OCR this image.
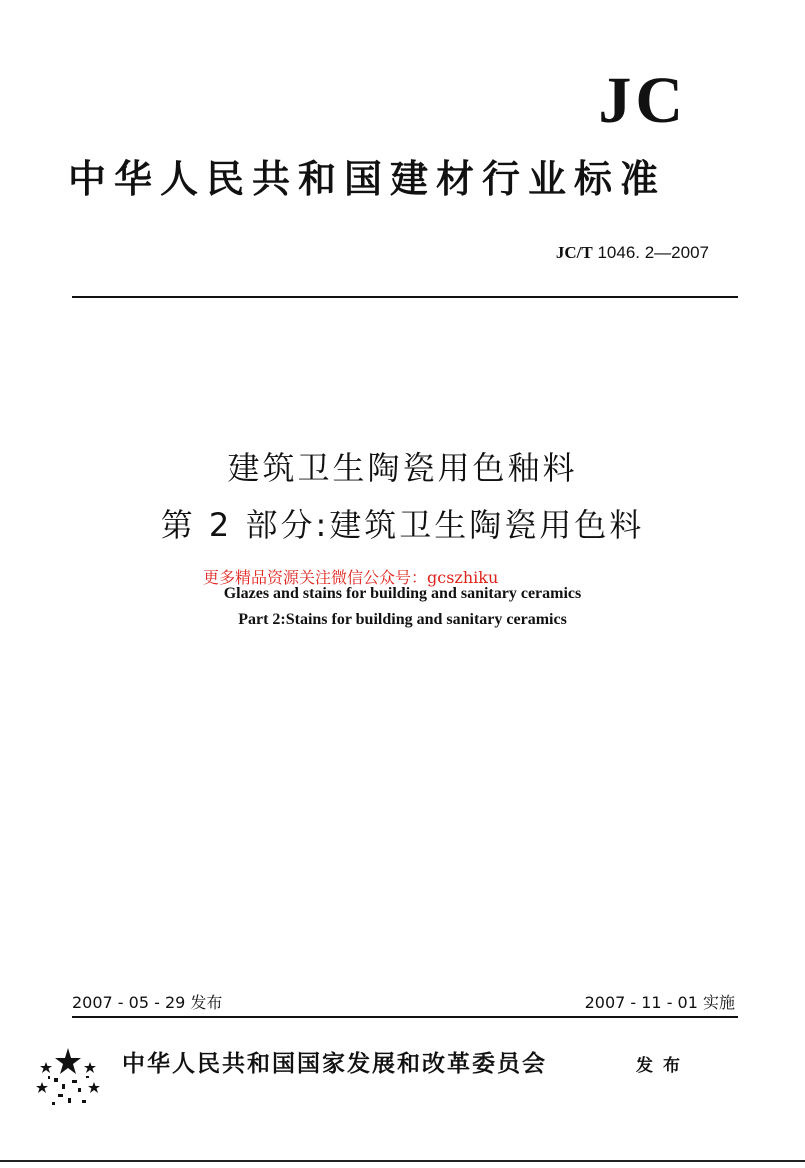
JC
中华人民共和国建材行业标准
JC/T 1046. 2—2007
建筑卫生陶瓷用色釉料
第 2 部分:建筑卫生陶瓷用色料
Glazes and stains for building and sanitary ceramics
Part 2:Stains for building and sanitary ceramics
更多精品资源关注微信公众号：gcszhiku
2007 - 05 - 29 发布	2007 - 11 - 01 实施
中华人民共和国国家发展和改革委员会	发布
